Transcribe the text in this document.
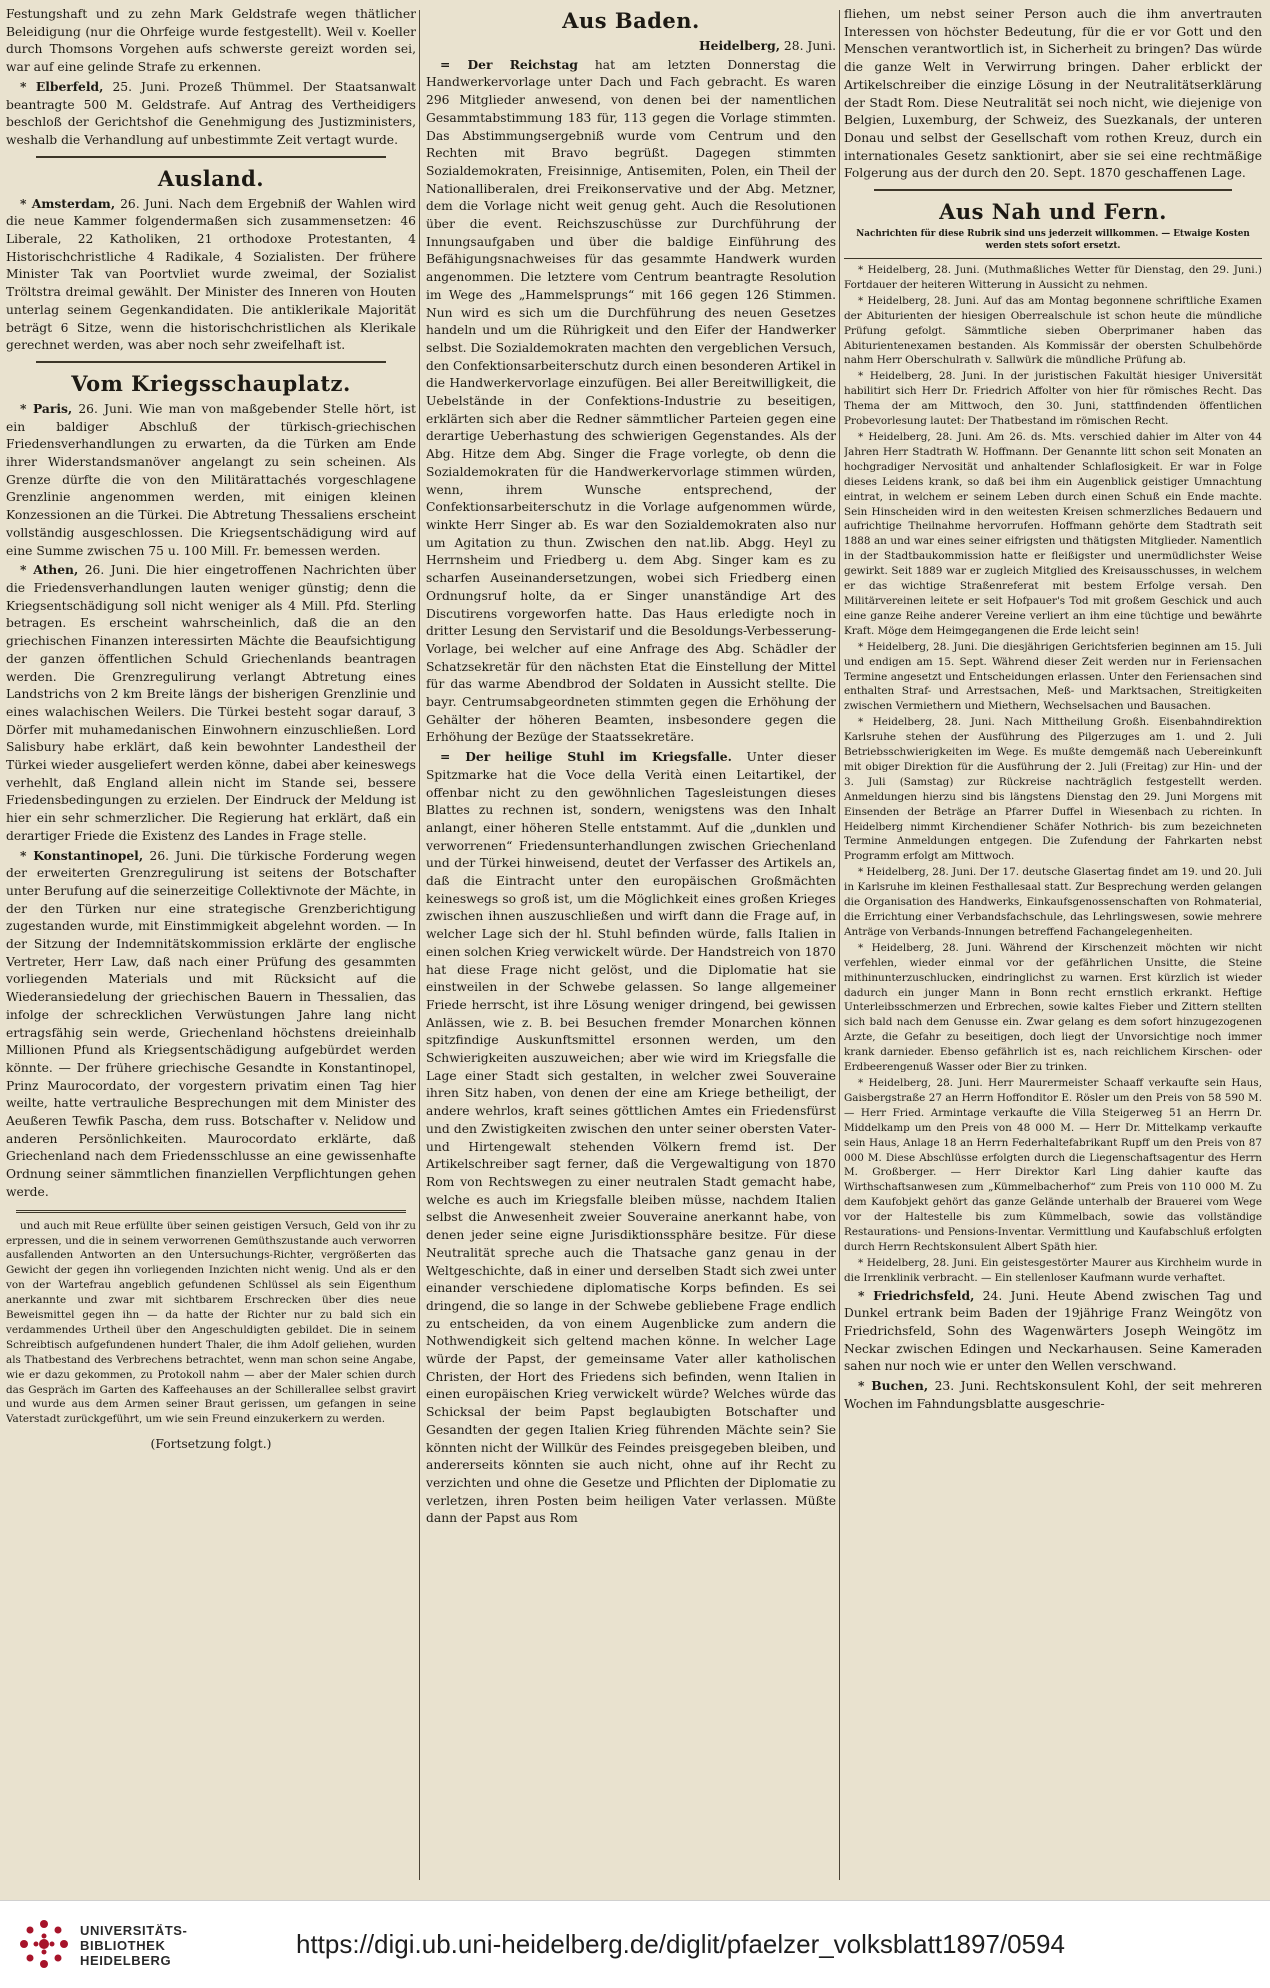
Festungshaft und zu zehn Mark Geldstrafe wegen thätlicher Beleidigung (nur die Ohrfeige wurde festgestellt). Weil v. Koeller durch Thomsons Vorgehen aufs schwerste gereizt worden sei, war auf eine gelinde Strafe zu erkennen.

* Elberfeld, 25. Juni. Prozeß Thümmel. Der Staatsanwalt beantragte 500 M. Geldstrafe. Auf Antrag des Vertheidigers beschloß der Gerichtshof die Genehmigung des Justizministers, weshalb die Verhandlung auf unbestimmte Zeit vertagt wurde.

Ausland.

* Amsterdam, 26. Juni. Nach dem Ergebniß der Wahlen wird die neue Kammer folgendermaßen sich zusammensetzen: 46 Liberale, 22 Katholiken, 21 orthodoxe Protestanten, 4 Historischchristliche 4 Radikale, 4 Sozialisten. Der frühere Minister Tak van Poortvliet wurde zweimal, der Sozialist Tröltstra dreimal gewählt. Der Minister des Inneren von Houten unterlag seinem Gegenkandidaten. Die antiklerikale Majorität beträgt 6 Sitze, wenn die historischchristlichen als Klerikale gerechnet werden, was aber noch sehr zweifelhaft ist.

Vom Kriegsschauplatz.

* Paris, 26. Juni. Wie man von maßgebender Stelle hört, ist ein baldiger Abschluß der türkisch-griechischen Friedensverhandlungen zu erwarten, da die Türken am Ende ihrer Widerstandsmanöver angelangt zu sein scheinen. Als Grenze dürfte die von den Militärattachés vorgeschlagene Grenzlinie angenommen werden, mit einigen kleinen Konzessionen an die Türkei. Die Abtretung Thessaliens erscheint vollständig ausgeschlossen. Die Kriegsentschädigung wird auf eine Summe zwischen 75 u. 100 Mill. Fr. bemessen werden.

* Athen, 26. Juni. Die hier eingetroffenen Nachrichten über die Friedensverhandlungen lauten weniger günstig; denn die Kriegsentschädigung soll nicht weniger als 4 Mill. Pfd. Sterling betragen. Es erscheint wahrscheinlich, daß die an den griechischen Finanzen interessirten Mächte die Beaufsichtigung der ganzen öffentlichen Schuld Griechenlands beantragen werden. Die Grenzregulirung verlangt Abtretung eines Landstrichs von 2 km Breite längs der bisherigen Grenzlinie und eines walachischen Weilers. Die Türkei besteht sogar darauf, 3 Dörfer mit muhamedanischen Einwohnern einzuschließen. Lord Salisbury habe erklärt, daß kein bewohnter Landestheil der Türkei wieder ausgeliefert werden könne, dabei aber keineswegs verhehlt, daß England allein nicht im Stande sei, bessere Friedensbedingungen zu erzielen. Der Eindruck der Meldung ist hier ein sehr schmerzlicher. Die Regierung hat erklärt, daß ein derartiger Friede die Existenz des Landes in Frage stelle.

* Konstantinopel, 26. Juni. Die türkische Forderung wegen der erweiterten Grenzregulirung ist seitens der Botschafter unter Berufung auf die seinerzeitige Collektivnote der Mächte, in der den Türken nur eine strategische Grenzberichtigung zugestanden wurde, mit Einstimmigkeit abgelehnt worden. — In der Sitzung der Indemnitätskommission erklärte der englische Vertreter, Herr Law, daß nach einer Prüfung des gesammten vorliegenden Materials und mit Rücksicht auf die Wiederansiedelung der griechischen Bauern in Thessalien, das infolge der schrecklichen Verwüstungen Jahre lang nicht ertragsfähig sein werde, Griechenland höchstens dreieinhalb Millionen Pfund als Kriegsentschädigung aufgebürdet werden könnte. — Der frühere griechische Gesandte in Konstantinopel, Prinz Maurocordato, der vorgestern privatim einen Tag hier weilte, hatte vertrauliche Besprechungen mit dem Minister des Aeußeren Tewfik Pascha, dem russ. Botschafter v. Nelidow und anderen Persönlichkeiten. Maurocordato erklärte, daß Griechenland nach dem Friedensschlusse an eine gewissenhafte Ordnung seiner sämmtlichen finanziellen Verpflichtungen gehen werde.

und auch mit Reue erfüllte über seinen geistigen Versuch, Geld von ihr zu erpressen, und die in seinem verworrenen Gemüthszustande auch verworren ausfallenden Antworten an den Untersuchungs-Richter, vergrößerten das Gewicht der gegen ihn vorliegenden Inzichten nicht wenig. Und als er den von der Wartefrau angeblich gefundenen Schlüssel als sein Eigenthum anerkannte und zwar mit sichtbarem Erschrecken über dies neue Beweismittel gegen ihn — da hatte der Richter nur zu bald sich ein verdammendes Urtheil über den Angeschuldigten gebildet. Die in seinem Schreibtisch aufgefundenen hundert Thaler, die ihm Adolf geliehen, wurden als Thatbestand des Verbrechens betrachtet, wenn man schon seine Angabe, wie er dazu gekommen, zu Protokoll nahm — aber der Maler schien durch das Gespräch im Garten des Kaffeehauses an der Schillerallee selbst gravirt und wurde aus dem Armen seiner Braut gerissen, um gefangen in seine Vaterstadt zurückgeführt, um wie sein Freund einzukerkern zu werden.

(Fortsetzung folgt.)
Aus Baden.

Heidelberg, 28. Juni.

= Der Reichstag hat am letzten Donnerstag die Handwerkervorlage unter Dach und Fach gebracht. Es waren 296 Mitglieder anwesend, von denen bei der namentlichen Gesammtabstimmung 183 für, 113 gegen die Vorlage stimmten. Das Abstimmungsergebniß wurde vom Centrum und den Rechten mit Bravo begrüßt. Dagegen stimmten Sozialdemokraten, Freisinnige, Antisemiten, Polen, ein Theil der Nationalliberalen, drei Freikonservative und der Abg. Metzner, dem die Vorlage nicht weit genug geht. Auch die Resolutionen über die event. Reichszuschüsse zur Durchführung der Innungsaufgaben und über die baldige Einführung des Befähigungsnachweises für das gesammte Handwerk wurden angenommen. Die letztere vom Centrum beantragte Resolution im Wege des „Hammelsprungs“ mit 166 gegen 126 Stimmen. Nun wird es sich um die Durchführung des neuen Gesetzes handeln und um die Rührigkeit und den Eifer der Handwerker selbst. Die Sozialdemokraten machten den vergeblichen Versuch, den Confektionsarbeiterschutz durch einen besonderen Artikel in die Handwerkervorlage einzufügen. Bei aller Bereitwilligkeit, die Uebelstände in der Confektions-Industrie zu beseitigen, erklärten sich aber die Redner sämmtlicher Parteien gegen eine derartige Ueberhastung des schwierigen Gegenstandes. Als der Abg. Hitze dem Abg. Singer die Frage vorlegte, ob denn die Sozialdemokraten für die Handwerkervorlage stimmen würden, wenn, ihrem Wunsche entsprechend, der Confektionsarbeiterschutz in die Vorlage aufgenommen würde, winkte Herr Singer ab. Es war den Sozialdemokraten also nur um Agitation zu thun. Zwischen den nat.lib. Abgg. Heyl zu Herrnsheim und Friedberg u. dem Abg. Singer kam es zu scharfen Auseinandersetzungen, wobei sich Friedberg einen Ordnungsruf holte, da er Singer unanständige Art des Discutirens vorgeworfen hatte. Das Haus erledigte noch in dritter Lesung den Servistarif und die Besoldungs-Verbesserung-Vorlage, bei welcher auf eine Anfrage des Abg. Schädler der Schatzsekretär für den nächsten Etat die Einstellung der Mittel für das warme Abendbrod der Soldaten in Aussicht stellte. Die bayr. Centrumsabgeordneten stimmten gegen die Erhöhung der Gehälter der höheren Beamten, insbesondere gegen die Erhöhung der Bezüge der Staatssekretäre.

= Der heilige Stuhl im Kriegsfalle. Unter dieser Spitzmarke hat die Voce della Verità einen Leitartikel, der offenbar nicht zu den gewöhnlichen Tagesleistungen dieses Blattes zu rechnen ist, sondern, wenigstens was den Inhalt anlangt, einer höheren Stelle entstammt. Auf die „dunklen und verworrenen“ Friedensunterhandlungen zwischen Griechenland und der Türkei hinweisend, deutet der Verfasser des Artikels an, daß die Eintracht unter den europäischen Großmächten keineswegs so groß ist, um die Möglichkeit eines großen Krieges zwischen ihnen auszuschließen und wirft dann die Frage auf, in welcher Lage sich der hl. Stuhl befinden würde, falls Italien in einen solchen Krieg verwickelt würde. Der Handstreich von 1870 hat diese Frage nicht gelöst, und die Diplomatie hat sie einstweilen in der Schwebe gelassen. So lange allgemeiner Friede herrscht, ist ihre Lösung weniger dringend, bei gewissen Anlässen, wie z. B. bei Besuchen fremder Monarchen können spitzfindige Auskunftsmittel ersonnen werden, um den Schwierigkeiten auszuweichen; aber wie wird im Kriegsfalle die Lage einer Stadt sich gestalten, in welcher zwei Souveraine ihren Sitz haben, von denen der eine am Kriege betheiligt, der andere wehrlos, kraft seines göttlichen Amtes ein Friedensfürst und den Zwistigkeiten zwischen den unter seiner obersten Vater- und Hirtengewalt stehenden Völkern fremd ist. Der Artikelschreiber sagt ferner, daß die Vergewaltigung von 1870 Rom von Rechtswegen zu einer neutralen Stadt gemacht habe, welche es auch im Kriegsfalle bleiben müsse, nachdem Italien selbst die Anwesenheit zweier Souveraine anerkannt habe, von denen jeder seine eigne Jurisdiktionssphäre besitze. Für diese Neutralität spreche auch die Thatsache ganz genau in der Weltgeschichte, daß in einer und derselben Stadt sich zwei unter einander verschiedene diplomatische Korps befinden. Es sei dringend, die so lange in der Schwebe gebliebene Frage endlich zu entscheiden, da von einem Augenblicke zum andern die Nothwendigkeit sich geltend machen könne. In welcher Lage würde der Papst, der gemeinsame Vater aller katholischen Christen, der Hort des Friedens sich befinden, wenn Italien in einen europäischen Krieg verwickelt würde? Welches würde das Schicksal der beim Papst beglaubigten Botschafter und Gesandten der gegen Italien Krieg führenden Mächte sein? Sie könnten nicht der Willkür des Feindes preisgegeben bleiben, und andererseits könnten sie auch nicht, ohne auf ihr Recht zu verzichten und ohne die Gesetze und Pflichten der Diplomatie zu verletzen, ihren Posten beim heiligen Vater verlassen. Müßte dann der Papst aus Rom

fliehen, um nebst seiner Person auch die ihm anvertrauten Interessen von höchster Bedeutung, für die er vor Gott und den Menschen verantwortlich ist, in Sicherheit zu bringen? Das würde die ganze Welt in Verwirrung bringen. Daher erblickt der Artikelschreiber die einzige Lösung in der Neutralitätserklärung der Stadt Rom. Diese Neutralität sei noch nicht, wie diejenige von Belgien, Luxemburg, der Schweiz, des Suezkanals, der unteren Donau und selbst der Gesellschaft vom rothen Kreuz, durch ein internationales Gesetz sanktionirt, aber sie sei eine rechtmäßige Folgerung aus der durch den 20. Sept. 1870 geschaffenen Lage.

Aus Nah und Fern.
Nachrichten für diese Rubrik sind uns jederzeit willkommen. — Etwaige Kosten werden stets sofort ersetzt.

* Heidelberg, 28. Juni. (Muthmaßliches Wetter für Dienstag, den 29. Juni.) Fortdauer der heiteren Witterung in Aussicht zu nehmen.

* Heidelberg, 28. Juni. Auf das am Montag begonnene schriftliche Examen der Abiturienten der hiesigen Oberrealschule ist schon heute die mündliche Prüfung gefolgt. Sämmtliche sieben Oberprimaner haben das Abiturientenexamen bestanden. Als Kommissär der obersten Schulbehörde nahm Herr Oberschulrath v. Sallwürk die mündliche Prüfung ab.

* Heidelberg, 28. Juni. In der juristischen Fakultät hiesiger Universität habilitirt sich Herr Dr. Friedrich Affolter von hier für römisches Recht. Das Thema der am Mittwoch, den 30. Juni, stattfindenden öffentlichen Probevorlesung lautet: Der Thatbestand im römischen Recht.

* Heidelberg, 28. Juni. Am 26. ds. Mts. verschied dahier im Alter von 44 Jahren Herr Stadtrath W. Hoffmann. Der Genannte litt schon seit Monaten an hochgradiger Nervosität und anhaltender Schlaflosigkeit. Er war in Folge dieses Leidens krank, so daß bei ihm ein Augenblick geistiger Umnachtung eintrat, in welchem er seinem Leben durch einen Schuß ein Ende machte. Sein Hinscheiden wird in den weitesten Kreisen schmerzliches Bedauern und aufrichtige Theilnahme hervorrufen. Hoffmann gehörte dem Stadtrath seit 1888 an und war eines seiner eifrigsten und thätigsten Mitglieder. Namentlich in der Stadtbaukommission hatte er fleißigster und unermüdlichster Weise gewirkt. Seit 1889 war er zugleich Mitglied des Kreisausschusses, in welchem er das wichtige Straßenreferat mit bestem Erfolge versah. Den Militärvereinen leitete er seit Hofpauer's Tod mit großem Geschick und auch eine ganze Reihe anderer Vereine verliert an ihm eine tüchtige und bewährte Kraft. Möge dem Heimgegangenen die Erde leicht sein!

* Heidelberg, 28. Juni. Die diesjährigen Gerichtsferien beginnen am 15. Juli und endigen am 15. Sept. Während dieser Zeit werden nur in Feriensachen Termine angesetzt und Entscheidungen erlassen. Unter den Feriensachen sind enthalten Straf- und Arrestsachen, Meß- und Marktsachen, Streitigkeiten zwischen Vermiethern und Miethern, Wechselsachen und Bausachen.

* Heidelberg, 28. Juni. Nach Mittheilung Großh. Eisenbahndirektion Karlsruhe stehen der Ausführung des Pilgerzuges am 1. und 2. Juli Betriebsschwierigkeiten im Wege. Es mußte demgemäß nach Uebereinkunft mit obiger Direktion für die Ausführung der 2. Juli (Freitag) zur Hin- und der 3. Juli (Samstag) zur Rückreise nachträglich festgestellt werden. Anmeldungen hierzu sind bis längstens Dienstag den 29. Juni Morgens mit Einsenden der Beträge an Pfarrer Duffel in Wiesenbach zu richten. In Heidelberg nimmt Kirchendiener Schäfer Nothrich- bis zum bezeichneten Termine Anmeldungen entgegen. Die Zufendung der Fahrkarten nebst Programm erfolgt am Mittwoch.

* Heidelberg, 28. Juni. Der 17. deutsche Glasertag findet am 19. und 20. Juli in Karlsruhe im kleinen Festhallesaal statt. Zur Besprechung werden gelangen die Organisation des Handwerks, Einkaufsgenossenschaften von Rohmaterial, die Errichtung einer Verbandsfachschule, das Lehrlingswesen, sowie mehrere Anträge von Verbands-Innungen betreffend Fachangelegenheiten.

* Heidelberg, 28. Juni. Während der Kirschenzeit möchten wir nicht verfehlen, wieder einmal vor der gefährlichen Unsitte, die Steine mithinunterzuschlucken, eindringlichst zu warnen. Erst kürzlich ist wieder dadurch ein junger Mann in Bonn recht ernstlich erkrankt. Heftige Unterleibsschmerzen und Erbrechen, sowie kaltes Fieber und Zittern stellten sich bald nach dem Genusse ein. Zwar gelang es dem sofort hinzugezogenen Arzte, die Gefahr zu beseitigen, doch liegt der Unvorsichtige noch immer krank darnieder. Ebenso gefährlich ist es, nach reichlichem Kirschen- oder Erdbeerengenuß Wasser oder Bier zu trinken.

* Heidelberg, 28. Juni. Herr Maurermeister Schaaff verkaufte sein Haus, Gaisbergstraße 27 an Herrn Hoffonditor E. Rösler um den Preis von 58 590 M. — Herr Fried. Armintage verkaufte die Villa Steigerweg 51 an Herrn Dr. Middelkamp um den Preis von 48 000 M. — Herr Dr. Mittelkamp verkaufte sein Haus, Anlage 18 an Herrn Federhaltefabrikant Rupff um den Preis von 87 000 M. Diese Abschlüsse erfolgten durch die Liegenschaftsagentur des Herrn M. Großberger. — Herr Direktor Karl Ling dahier kaufte das Wirthschaftsanwesen zum „Kümmelbacherhof“ zum Preis von 110 000 M. Zu dem Kaufobjekt gehört das ganze Gelände unterhalb der Brauerei vom Wege vor der Haltestelle bis zum Kümmelbach, sowie das vollständige Restaurations- und Pensions-Inventar. Vermittlung und Kaufabschluß erfolgten durch Herrn Rechtskonsulent Albert Späth hier.

* Heidelberg, 28. Juni. Ein geistesgestörter Maurer aus Kirchheim wurde in die Irrenklinik verbracht. — Ein stellenloser Kaufmann wurde verhaftet.

* Friedrichsfeld, 24. Juni. Heute Abend zwischen Tag und Dunkel ertrank beim Baden der 19jährige Franz Weingötz von Friedrichsfeld, Sohn des Wagenwärters Joseph Weingötz im Neckar zwischen Edingen und Neckarhausen. Seine Kameraden sahen nur noch wie er unter den Wellen verschwand.

* Buchen, 23. Juni. Rechtskonsulent Kohl, der seit mehreren Wochen im Fahndungsblatte ausgeschrie-

UNIVERSITÄTS-
BIBLIOTHEK
HEIDELBERG
https://digi.ub.uni-heidelberg.de/diglit/pfaelzer_volksblatt1897/0594
